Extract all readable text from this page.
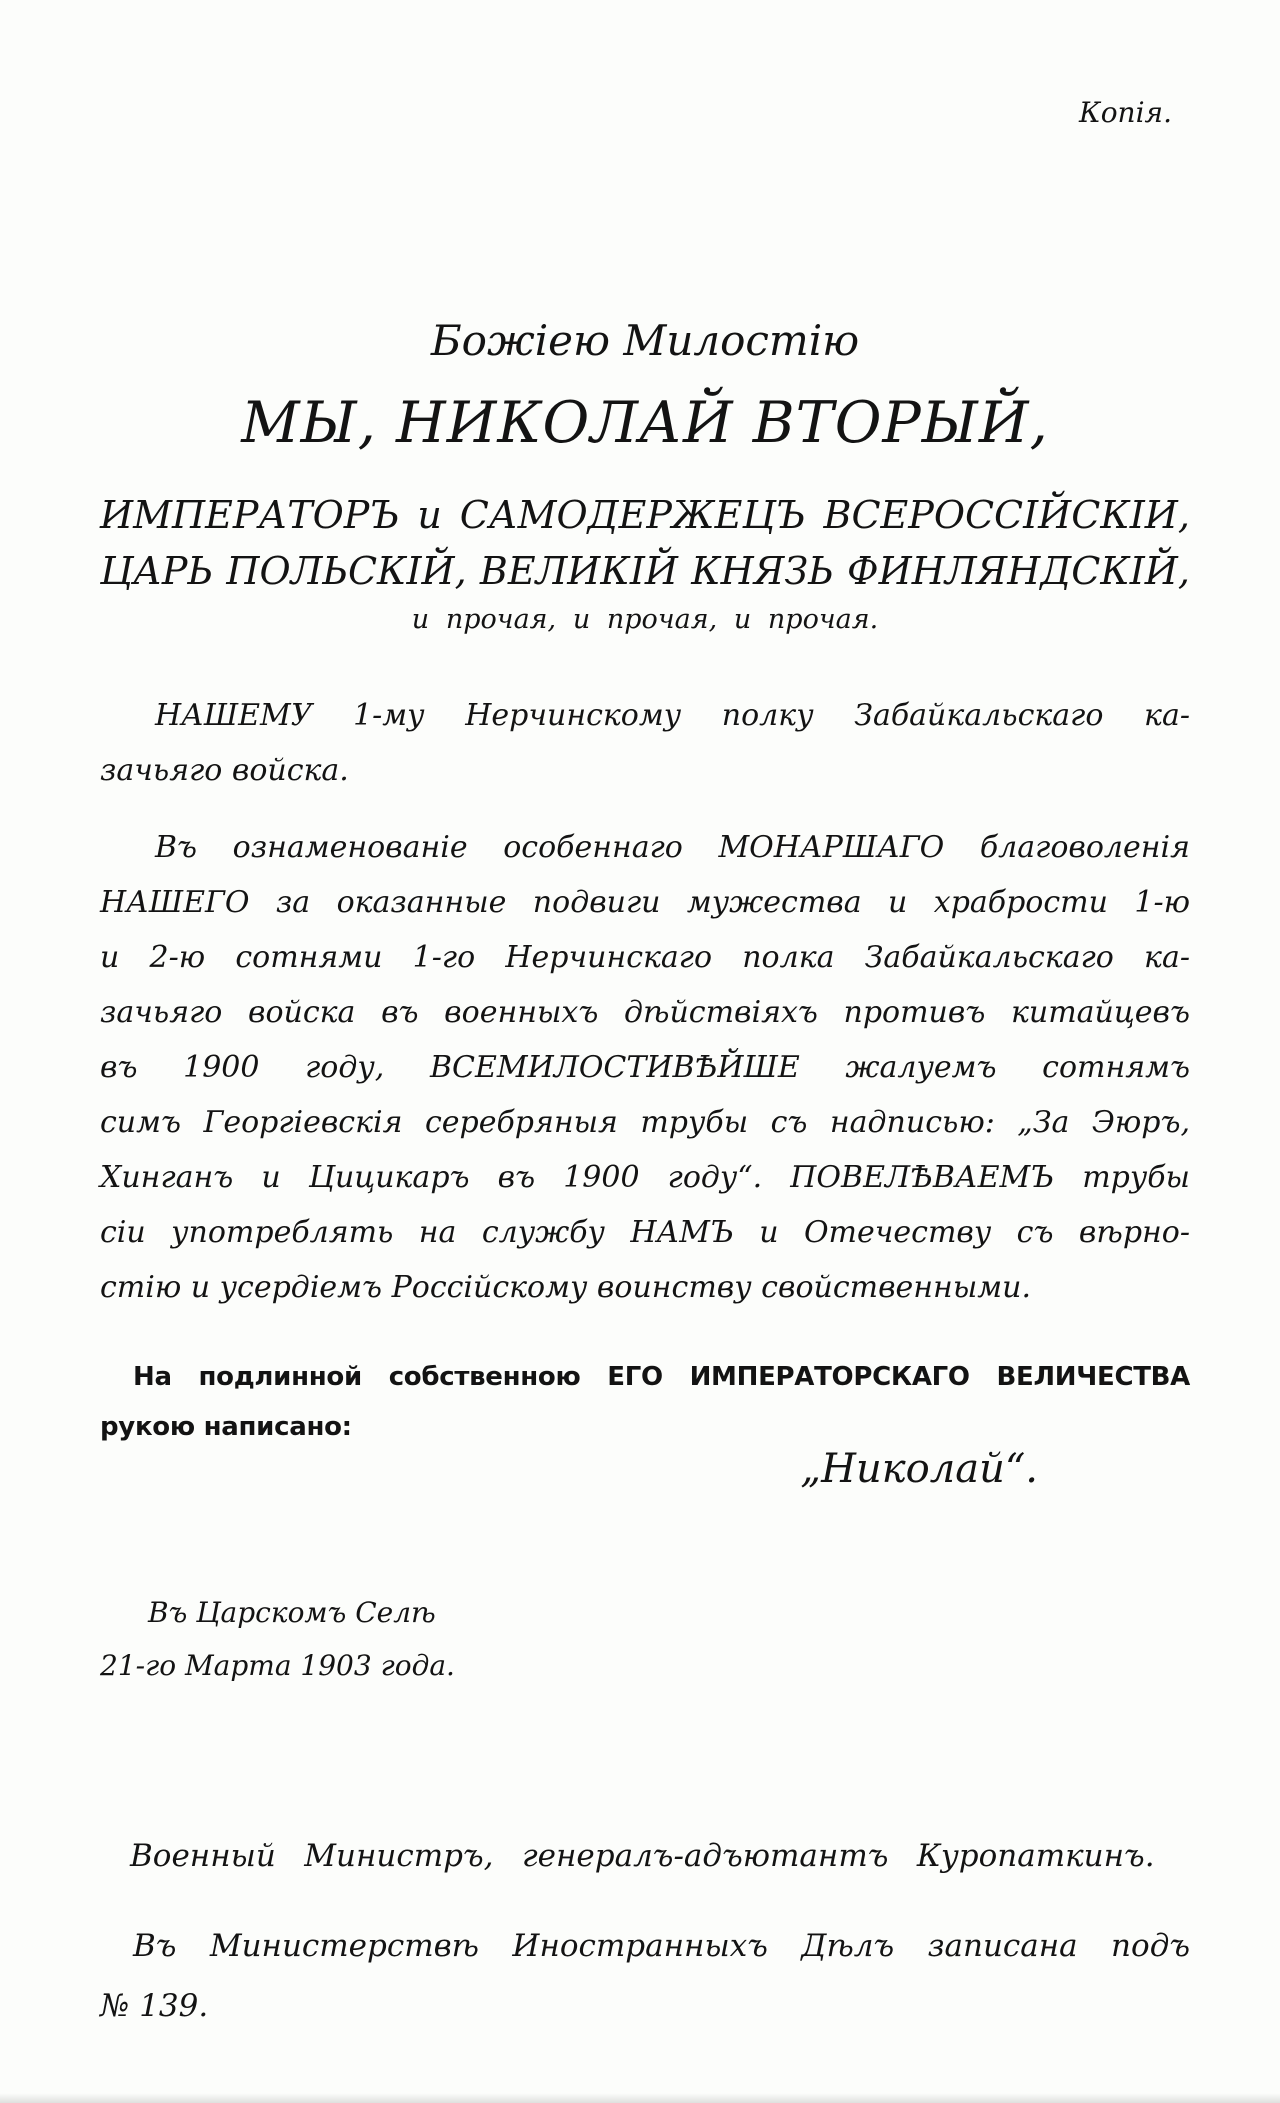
Копія.
Божіею Милостію
МЫ, НИКОЛАЙ ВТОРЫЙ,
ИМПЕРАТОРЪ и САМОДЕРЖЕЦЪ ВСЕРОССІЙСКІИ,
ЦАРЬ ПОЛЬСКІЙ, ВЕЛИКІЙ КНЯЗЬ ФИНЛЯНДСКІЙ,
и прочая, и прочая, и прочая.
НАШЕМУ 1-му Нерчинскому полку Забайкальскаго ка-
зачьяго войска.
Въ ознаменованіе особеннаго МОНАРШАГО благоволенія
НАШЕГО за оказанные подвиги мужества и храбрости 1-ю
и 2-ю сотнями 1-го Нерчинскаго полка Забайкальскаго ка-
зачьяго войска въ военныхъ дѣйствіяхъ противъ китайцевъ
въ 1900 году, ВСЕМИЛОСТИВѢЙШЕ жалуемъ сотнямъ
симъ Георгіевскія серебряныя трубы съ надписью: „За Эюръ,
Хинганъ и Цицикаръ въ 1900 году“. ПОВЕЛѢВАЕМЪ трубы
сіи употреблять на службу НАМЪ и Отечеству съ вѣрно-
стію и усердіемъ Россійскому воинству свойственными.
На подлинной собственною ЕГО ИМПЕРАТОРСКАГО ВЕЛИЧЕСТВА
рукою написано:
„Николай“.
Въ Царскомъ Селѣ
21-го Марта 1903 года.
Военный Министръ, генералъ-адъютантъ Куропаткинъ.
Въ Министерствѣ Иностранныхъ Дѣлъ записана подъ
№ 139.
